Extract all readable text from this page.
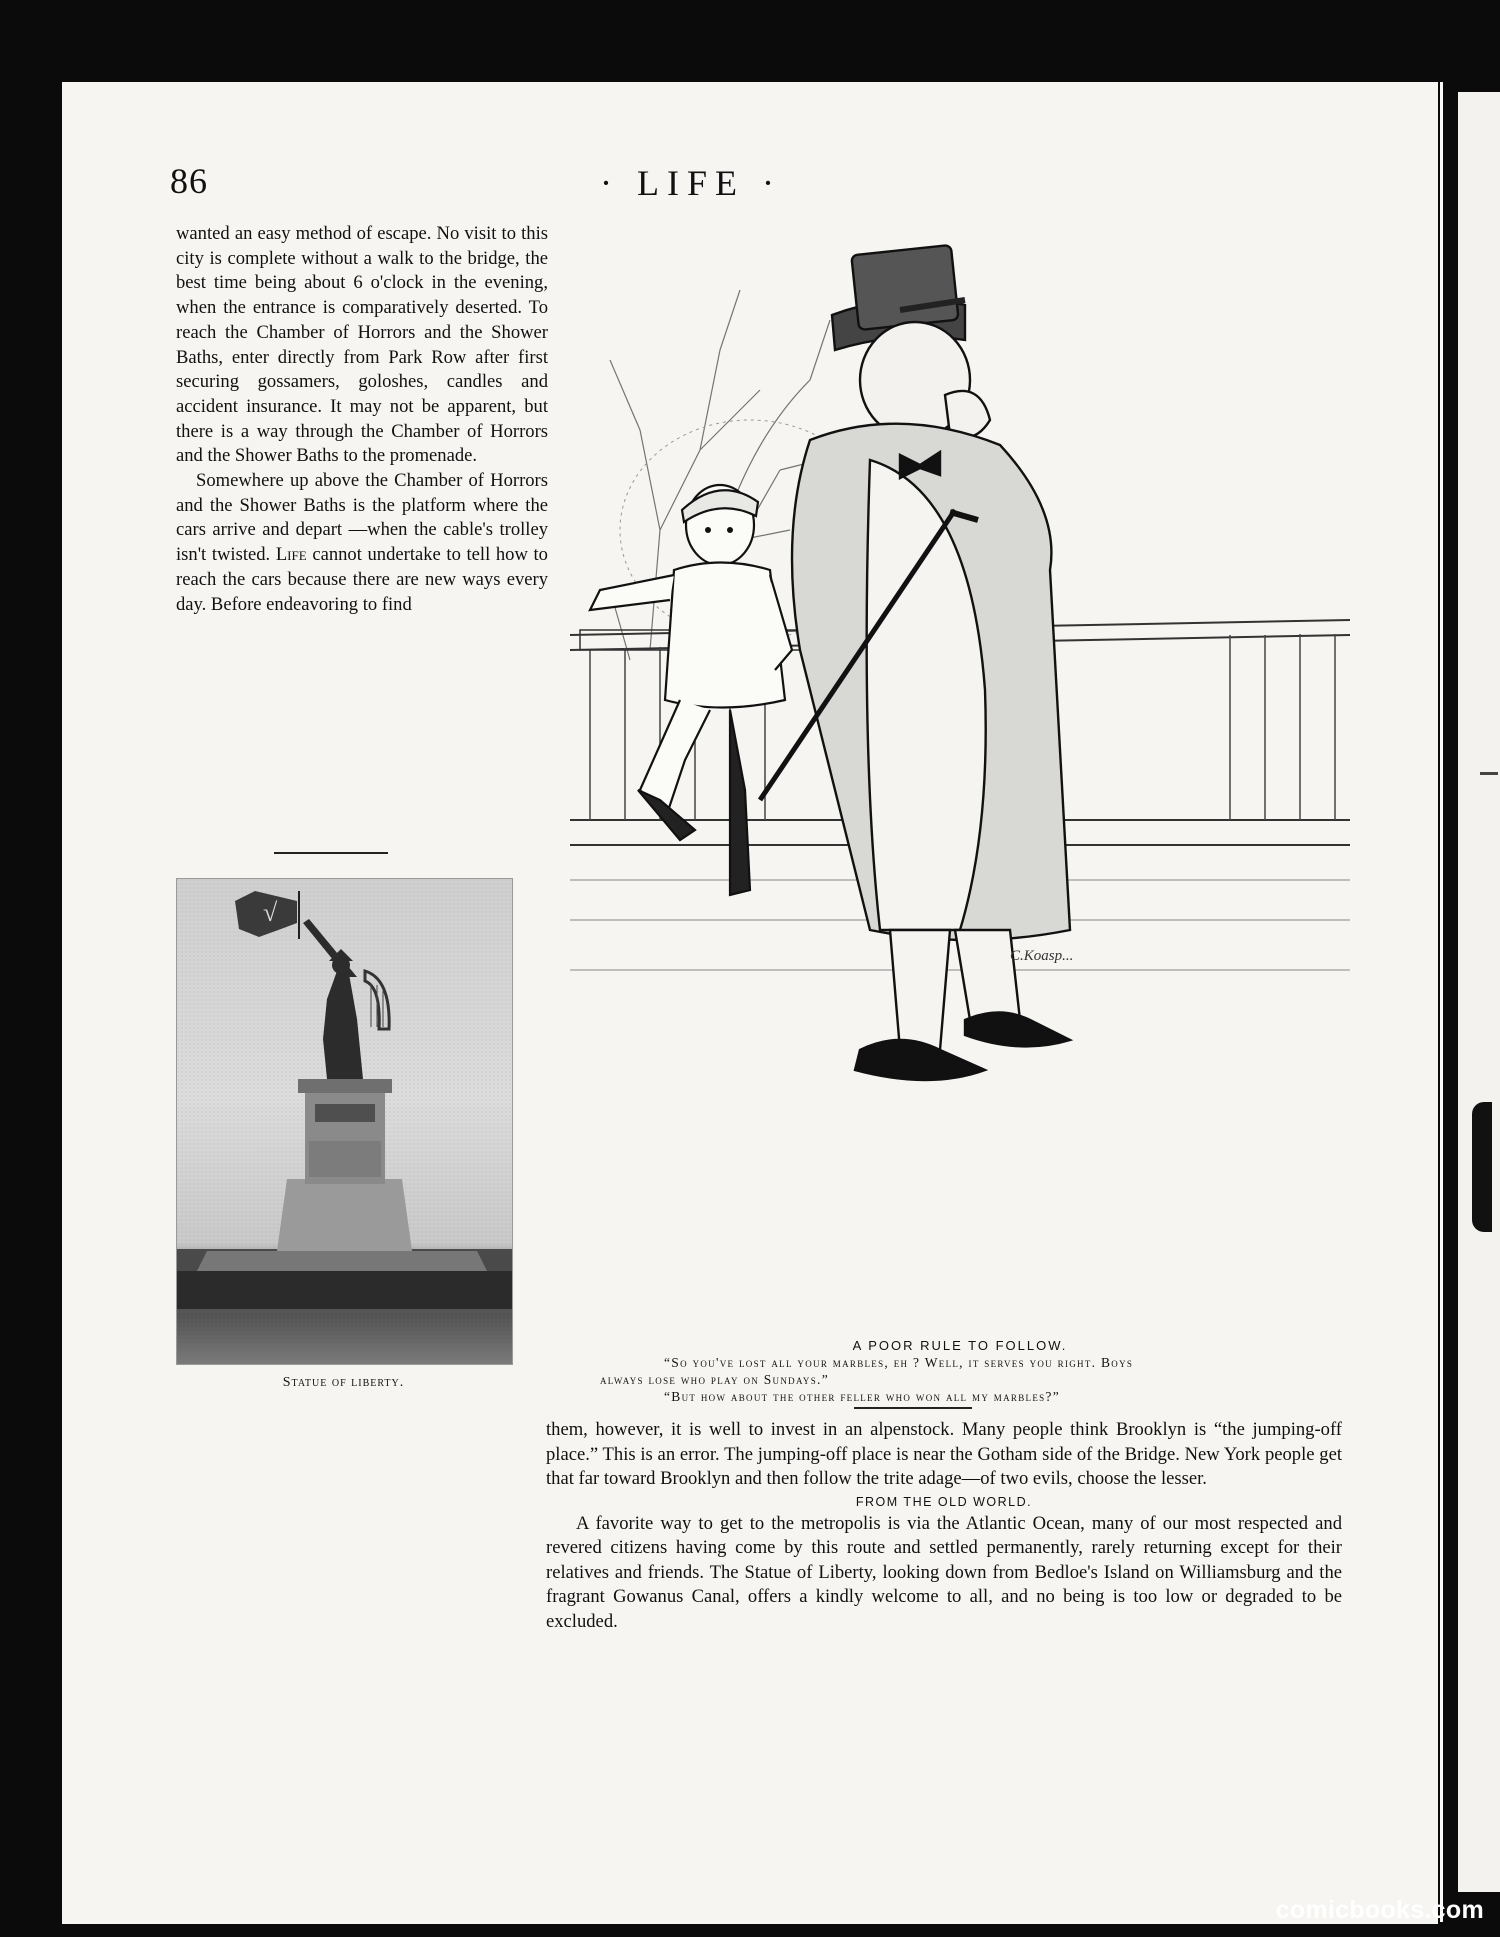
86	· LIFE ·

wanted an easy method of escape. No visit to this city is complete without a walk to the bridge, the best time being about 6 o'clock in the evening, when the entrance is comparatively deserted. To reach the Chamber of Horrors and the Shower Baths, enter directly from Park Row after first securing gossamers, goloshes, candles and accident insurance. It may not be apparent, but there is a way through the Chamber of Horrors and the Shower Baths to the promenade.

Somewhere up above the Chamber of Horrors and the Shower Baths is the platform where the cars arrive and depart —when the cable's trolley isn't twisted. Life cannot undertake to tell how to reach the cars because there are new ways every day. Before endeavoring to find

√
Statue of liberty.
C.Koasp...
A POOR RULE TO FOLLOW.
“So you've lost all your marbles, eh ? Well, it serves you right. Boys
always lose who play on Sundays.”
“But how about the other feller who won all my marbles?”

them, however, it is well to invest in an alpenstock. Many people think Brooklyn is “the jumping-off place.” This is an error. The jumping-off place is near the Gotham side of the Bridge. New York people get that far toward Brooklyn and then follow the trite adage—of two evils, choose the lesser.

FROM THE OLD WORLD.

A favorite way to get to the metropolis is via the Atlantic Ocean, many of our most respected and revered citizens having come by this route and settled permanently, rarely returning except for their relatives and friends. The Statue of Liberty, looking down from Bedloe's Island on Williamsburg and the fragrant Gowanus Canal, offers a kindly welcome to all, and no being is too low or degraded to be excluded.

comicbooks.com
